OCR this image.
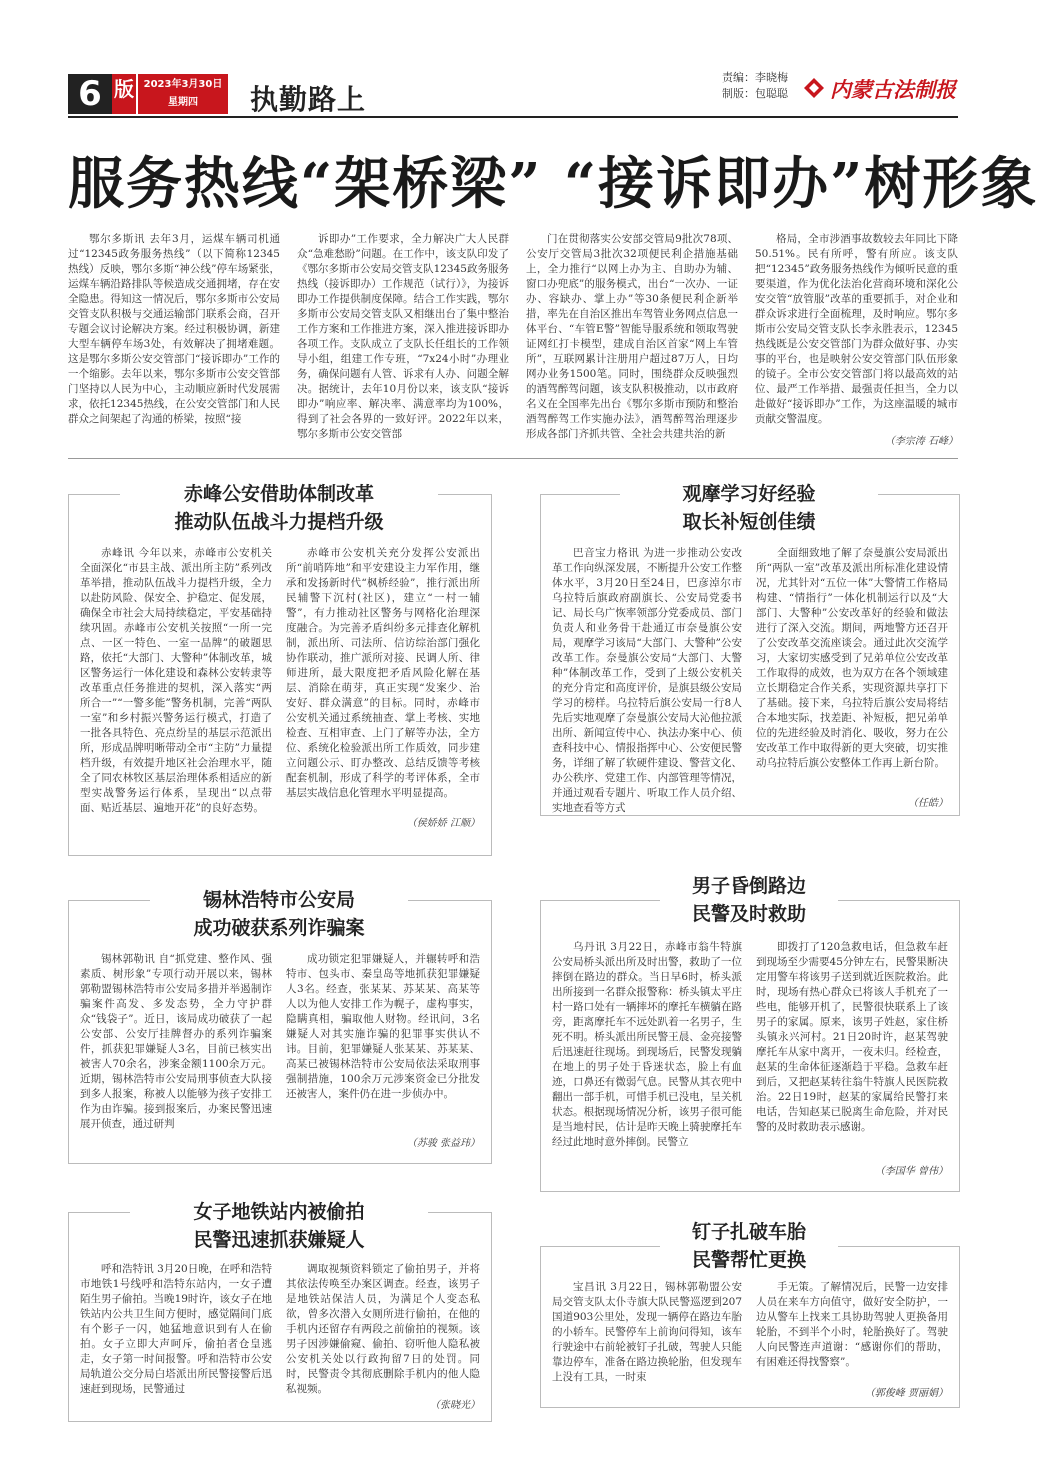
6 版 2023年3月30日
星期四	执勤路上
责编：李晓梅
制版：包聪聪 内蒙古法制报
服务热线“架桥梁” “接诉即办”树形象

鄂尔多斯讯 去年3月，运煤车辆司机通过“12345政务服务热线”（以下简称12345热线）反映，鄂尔多斯“神公线”停车场紧张，运煤车辆沿路排队等候造成交通拥堵，存在安全隐患。得知这一情况后，鄂尔多斯市公安局交管支队积极与交通运输部门联系会商，召开专题会议讨论解决方案。经过积极协调，新建大型车辆停车场3处，有效解决了拥堵难题。这是鄂尔多斯公安交管部门“接诉即办”工作的一个缩影。去年以来，鄂尔多斯市公安交管部门坚持以人民为中心，主动顺应新时代发展需求，依托12345热线，在公安交管部门和人民群众之间架起了沟通的桥梁，按照“接

诉即办”工作要求，全力解决广大人民群众“急难愁盼”问题。在工作中，该支队印发了《鄂尔多斯市公安局交管支队12345政务服务热线（接诉即办）工作规范（试行）》，为接诉即办工作提供制度保障。结合工作实践，鄂尔多斯市公安局交管支队又相继出台了集中整治工作方案和工作推进方案，深入推进接诉即办各项工作。支队成立了支队长任组长的工作领导小组，组建工作专班，“7x24小时”办理业务，确保问题有人管、诉求有人办、问题全解决。据统计，去年10月份以来，该支队“接诉即办”响应率、解决率、满意率均为100%，得到了社会各界的一致好评。2022年以来，鄂尔多斯市公安交管部

门在贯彻落实公安部交管局9批次78项、公安厅交管局3批次32项便民利企措施基础上，全力推行“以网上办为主、自助办为辅、窗口办兜底”的服务模式，出台“一次办、一证办、容缺办、掌上办”等30条便民利企新举措，率先在自治区推出车驾管业务网点信息一体平台、“车管E警”智能导服系统和领取驾驶证网红打卡模型，建成自治区首家“网上车管所”，互联网累计注册用户超过87万人，日均网办业务1500笔。同时，围绕群众反映强烈的酒驾醉驾问题，该支队积极推动，以市政府名义在全国率先出台《鄂尔多斯市预防和整治酒驾醉驾工作实施办法》，酒驾醉驾治理逐步形成各部门齐抓共管、全社会共建共治的新

格局，全市涉酒事故数较去年同比下降50.51%。民有所呼，警有所应。该支队把“12345”政务服务热线作为倾听民意的重要渠道，作为优化法治化营商环境和深化公安交管“放管服”改革的重要抓手，对企业和群众诉求进行全面梳理，及时响应。鄂尔多斯市公安局交管支队长李永胜表示，12345热线既是公安交管部门为群众做好事、办实事的平台，也是映射公安交管部门队伍形象的镜子。全市公安交管部门将以最高效的站位、最严工作举措、最强责任担当，全力以赴做好“接诉即办”工作，为这座温暖的城市贡献交警温度。

（李宗涛 石峰）
赤峰公安借助体制改革
推动队伍战斗力提档升级

赤峰讯 今年以来，赤峰市公安机关全面深化“市县主战、派出所主防”系列改革举措，推动队伍战斗力提档升级，全力以赴防风险、保安全、护稳定、促发展，确保全市社会大局持续稳定，平安基础持续巩固。赤峰市公安机关按照“一所一完点、一区一特色、一室一品牌”的破题思路，依托“大部门、大警种”体制改革，城区警务运行一体化建设和森林公安转隶等改革重点任务推进的契机，深入落实“两所合一”“一警多能”警务机制，完善“两队一室”和乡村振兴警务运行模式，打造了一批各具特色、亮点纷呈的基层示范派出所，形成品牌明晰带动全市“主防”力量提档升级，有效提升地区社会治理水平，随全了同农林牧区基层治理体系相适应的新型实战警务运行体系，呈现出“以点带面、贴近基层、遍地开花”的良好态势。

赤峰市公安机关充分发挥公安派出所“前哨阵地”和平安建设主力军作用，继承和发扬新时代“枫桥经验”，推行派出所民辅警下沉村(社区)，建立“一村一辅警”，有力推动社区警务与网格化治理深度融合。为完善矛盾纠纷多元排查化解机制，派出所、司法所、信访综治部门强化协作联动，推广派所对接、民调人所、律师进所，最大限度把矛盾风险化解在基层、消除在萌芽，真正实现“发案少、治安好、群众满意”的目标。同时，赤峰市公安机关通过系统抽查、掌上考核、实地检查、互相审查、上门了解等办法，全方位、系统化检验派出所工作质效，同步建立问题公示、盯办整改、总结反馈等考核配套机制，形成了科学的考评体系，全市基层实战信息化管理水平明显提高。

（侯娇娇 江顺）
观摩学习好经验
取长补短创佳绩

巴音宝力格讯 为进一步推动公安改革工作向纵深发展，不断提升公安工作整体水平，3月20日至24日，巴彦淖尔市乌拉特后旗政府副旗长、公安局党委书记、局长乌广恢率领部分党委成员、部门负责人和业务骨干赴通辽市奈曼旗公安局，观摩学习该局“大部门、大警种”公安改革工作。奈曼旗公安局“大部门、大警种”体制改革工作，受到了上级公安机关的充分肯定和高度评价，是旗县级公安局学习的榜样。乌拉特后旗公安局一行8人先后实地观摩了奈曼旗公安局大沁他拉派出所、新闻宣传中心、执法办案中心、侦查科技中心、情报指挥中心、公安便民警务，详细了解了软硬件建设、警营文化、办公秩序、党建工作、内部管理等情况，并通过观看专题片、听取工作人员介绍、实地查看等方式

全面细致地了解了奈曼旗公安局派出所“两队一室”改革及派出所标准化建设情况，尤其针对“五位一体”大警情工作格局构建、“情指行”一体化机制运行以及“大部门、大警种”公安改革好的经验和做法进行了深入交流。期间，两地警方还召开了公安改革交流座谈会。通过此次交流学习，大家切实感受到了兄弟单位公安改革工作取得的成效，也为双方在各个领域建立长期稳定合作关系，实现资源共享打下了基础。接下来，乌拉特后旗公安局将结合本地实际，找差距、补短板，把兄弟单位的先进经验及时消化、吸收，努力在公安改革工作中取得新的更大突破，切实推动乌拉特后旗公安整体工作再上新台阶。

（任皓）
锡林浩特市公安局
成功破获系列诈骗案

锡林郭勒讯 自“抓党建、整作风、强素质、树形象”专项行动开展以来，锡林郭勒盟锡林浩特市公安局多措并举遏制诈骗案件高发、多发态势，全力守护群众“钱袋子”。近日，该局成功破获了一起公安部、公安厅挂牌督办的系列诈骗案件，抓获犯罪嫌疑人3名，目前已核实出被害人70余名，涉案金额1100余万元。近期，锡林浩特市公安局刑事侦查大队接到多人报案，称被人以能够为孩子安排工作为由诈骗。接到报案后，办案民警迅速展开侦查，通过研判

成功锁定犯罪嫌疑人，并辗转呼和浩特市、包头市、秦皇岛等地抓获犯罪嫌疑人3名。经查，张某某、苏某某、高某等人以为他人安排工作为幌子，虚构事实，隐瞒真相，骗取他人财物。经讯问，3名嫌疑人对其实施诈骗的犯罪事实供认不讳。目前，犯罪嫌疑人张某某、苏某某、高某已被锡林浩特市公安局依法采取刑事强制措施，100余万元涉案资金已分批发还被害人，案件仍在进一步侦办中。

（苏骏 张益玮）
男子昏倒路边
民警及时救助

乌丹讯 3月22日，赤峰市翁牛特旗公安局桥头派出所及时出警，救助了一位摔倒在路边的群众。当日早6时，桥头派出所接到一名群众报警称：桥头镇太平庄村一路口处有一辆摔坏的摩托车横躺在路旁，距离摩托车不远处趴着一名男子，生死不明。桥头派出所民警王晨、金亮接警后迅速赶往现场。到现场后，民警发现躺在地上的男子处于昏迷状态，脸上有血迹，口鼻还有微弱气息。民警从其衣兜中翻出一部手机，可惜手机已没电，呈关机状态。根据现场情况分析，该男子很可能是当地村民，估计是昨天晚上骑驶摩托车经过此地时意外摔倒。民警立

即拨打了120急救电话，但急救车赶到现场至少需要45分钟左右，民警果断决定用警车将该男子送到就近医院救治。此时，现场有热心群众已将该人手机充了一些电，能够开机了，民警很快联系上了该男子的家属。原来，该男子姓赵，家住桥头镇永兴河村。21日20时许，赵某驾驶摩托车从家中离开，一夜未归。经检查，赵某的生命体征逐渐趋于平稳。急救车赶到后，又把赵某转往翁牛特旗人民医院救治。22日19时，赵某的家属给民警打来电话，告知赵某已脱离生命危险，并对民警的及时救助表示感谢。

（李国华 曾伟）
女子地铁站内被偷拍
民警迅速抓获嫌疑人

呼和浩特讯 3月20日晚，在呼和浩特市地铁1号线呼和浩特东站内，一女子遭陌生男子偷拍。当晚19时许，该女子在地铁站内公共卫生间方便时，感觉隔间门底有个影子一闪，她猛地意识到有人在偷拍。女子立即大声呵斥，偷拍者仓皇逃走，女子第一时间报警。呼和浩特市公安局轨道公交分局白塔派出所民警接警后迅速赶到现场，民警通过

调取视频资料锁定了偷拍男子，并将其依法传唤至办案区调查。经查，该男子是地铁站保洁人员，为满足个人变态私欲，曾多次潜入女厕所进行偷拍，在他的手机内还留存有两段之前偷拍的视频。该男子因涉嫌偷窥、偷拍、窃听他人隐私被公安机关处以行政拘留7日的处罚。同时，民警责令其彻底删除手机内的他人隐私视频。

（张晓光）
钉子扎破车胎
民警帮忙更换

宝昌讯 3月22日，锡林郭勒盟公安局交管支队太仆寺旗大队民警巡逻到207国道903公里处，发现一辆停在路边车胎的小轿车。民警停车上前询问得知，该车行驶途中右前轮被钉子扎破，驾驶人只能靠边停车，准备在路边换轮胎，但发现车上没有工具，一时束

手无策。了解情况后，民警一边安排人员在来车方向值守，做好安全防护，一边从警车上找来工具协助驾驶人更换备用轮胎，不到半个小时，轮胎换好了。驾驶人向民警连声道谢：“感谢你们的帮助，有困难还得找警察”。

（郭俊峰 贾丽娟）
